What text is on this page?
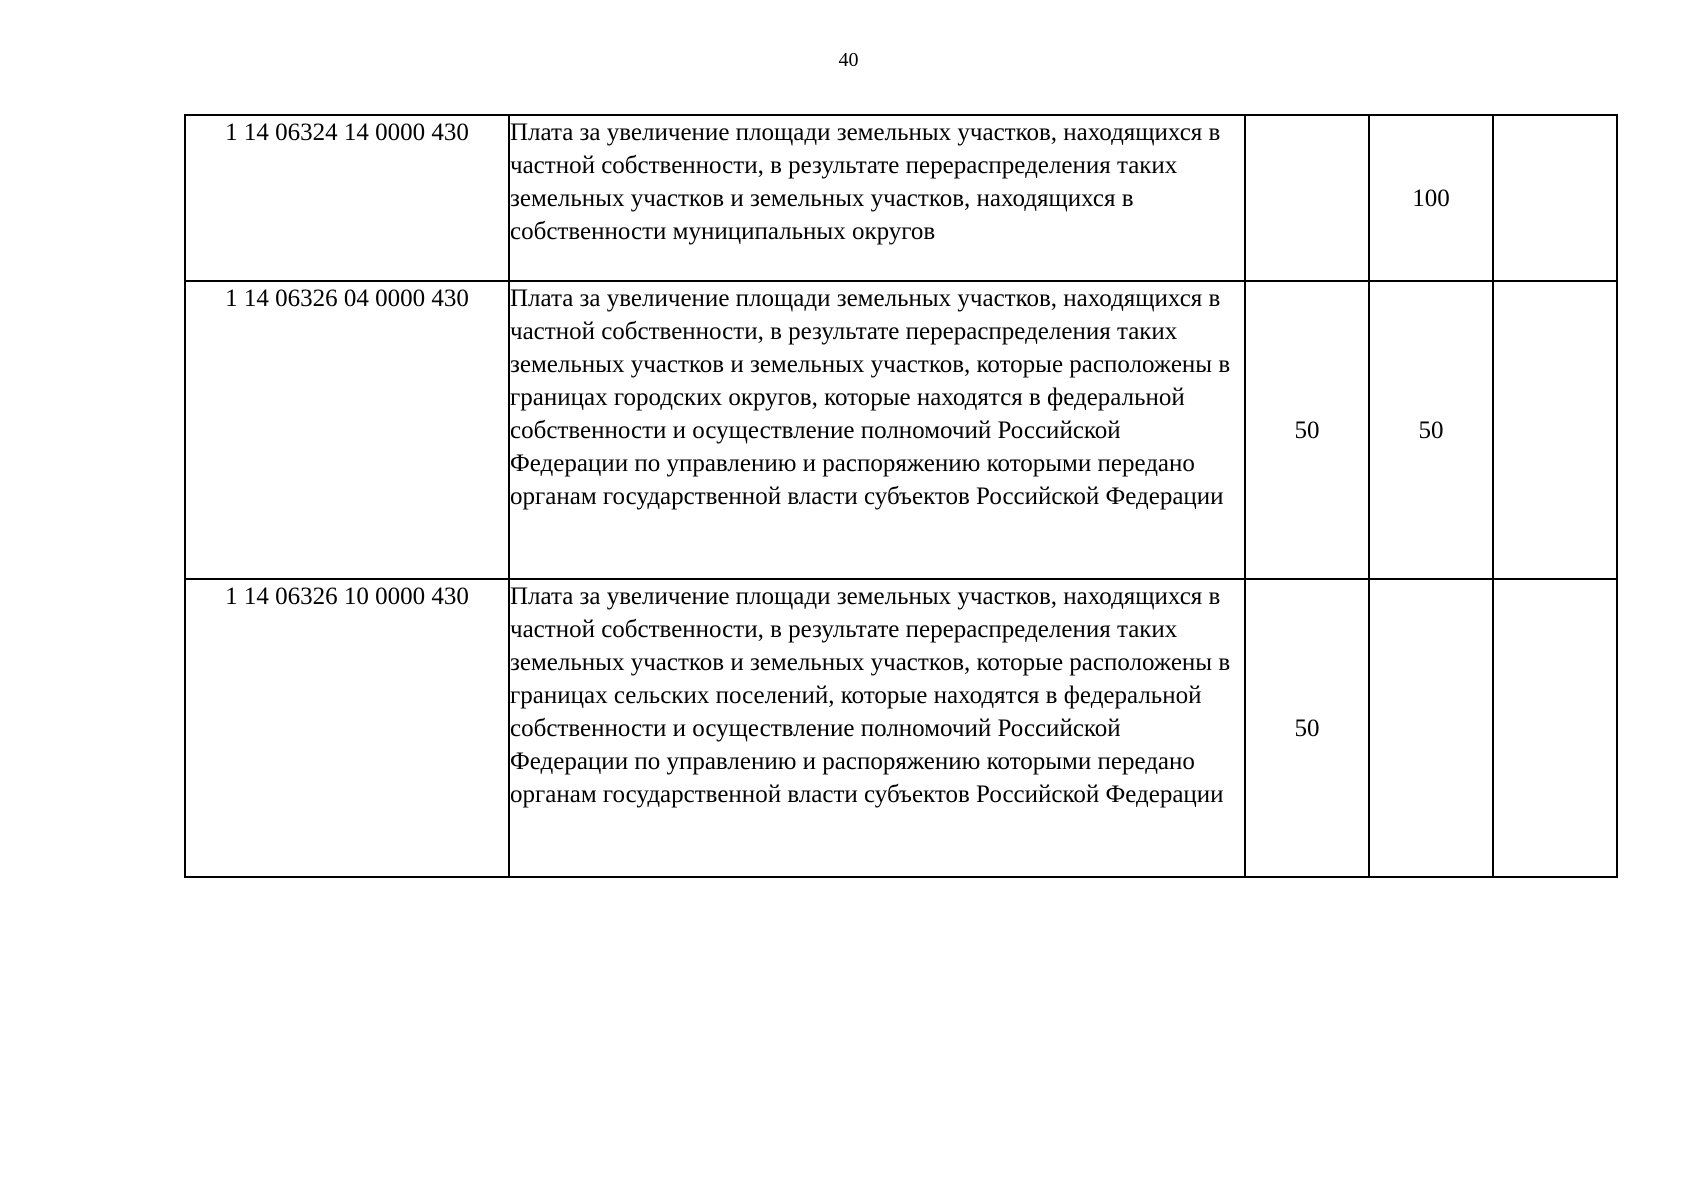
40
1 14 06324 14 0000 430	Плата за увеличение площади земельных участков, находящихся в частной собственности, в результате перераспределения таких земельных участков и земельных участков, находящихся в собственности муниципальных округов		100	
1 14 06326 04 0000 430	Плата за увеличение площади земельных участков, находящихся в частной собственности, в результате перераспределения таких земельных участков и земельных участков, которые расположены в границах городских округов, которые находятся в федеральной собственности и осуществление полномочий Российской Федерации по управлению и распоряжению которыми передано органам государственной власти субъектов Российской Федерации	50	50	
1 14 06326 10 0000 430	Плата за увеличение площади земельных участков, находящихся в частной собственности, в результате перераспределения таких земельных участков и земельных участков, которые расположены в границах сельских поселений, которые находятся в федеральной собственности и осуществление полномочий Российской Федерации по управлению и распоряжению которыми передано органам государственной власти субъектов Российской Федерации	50		
